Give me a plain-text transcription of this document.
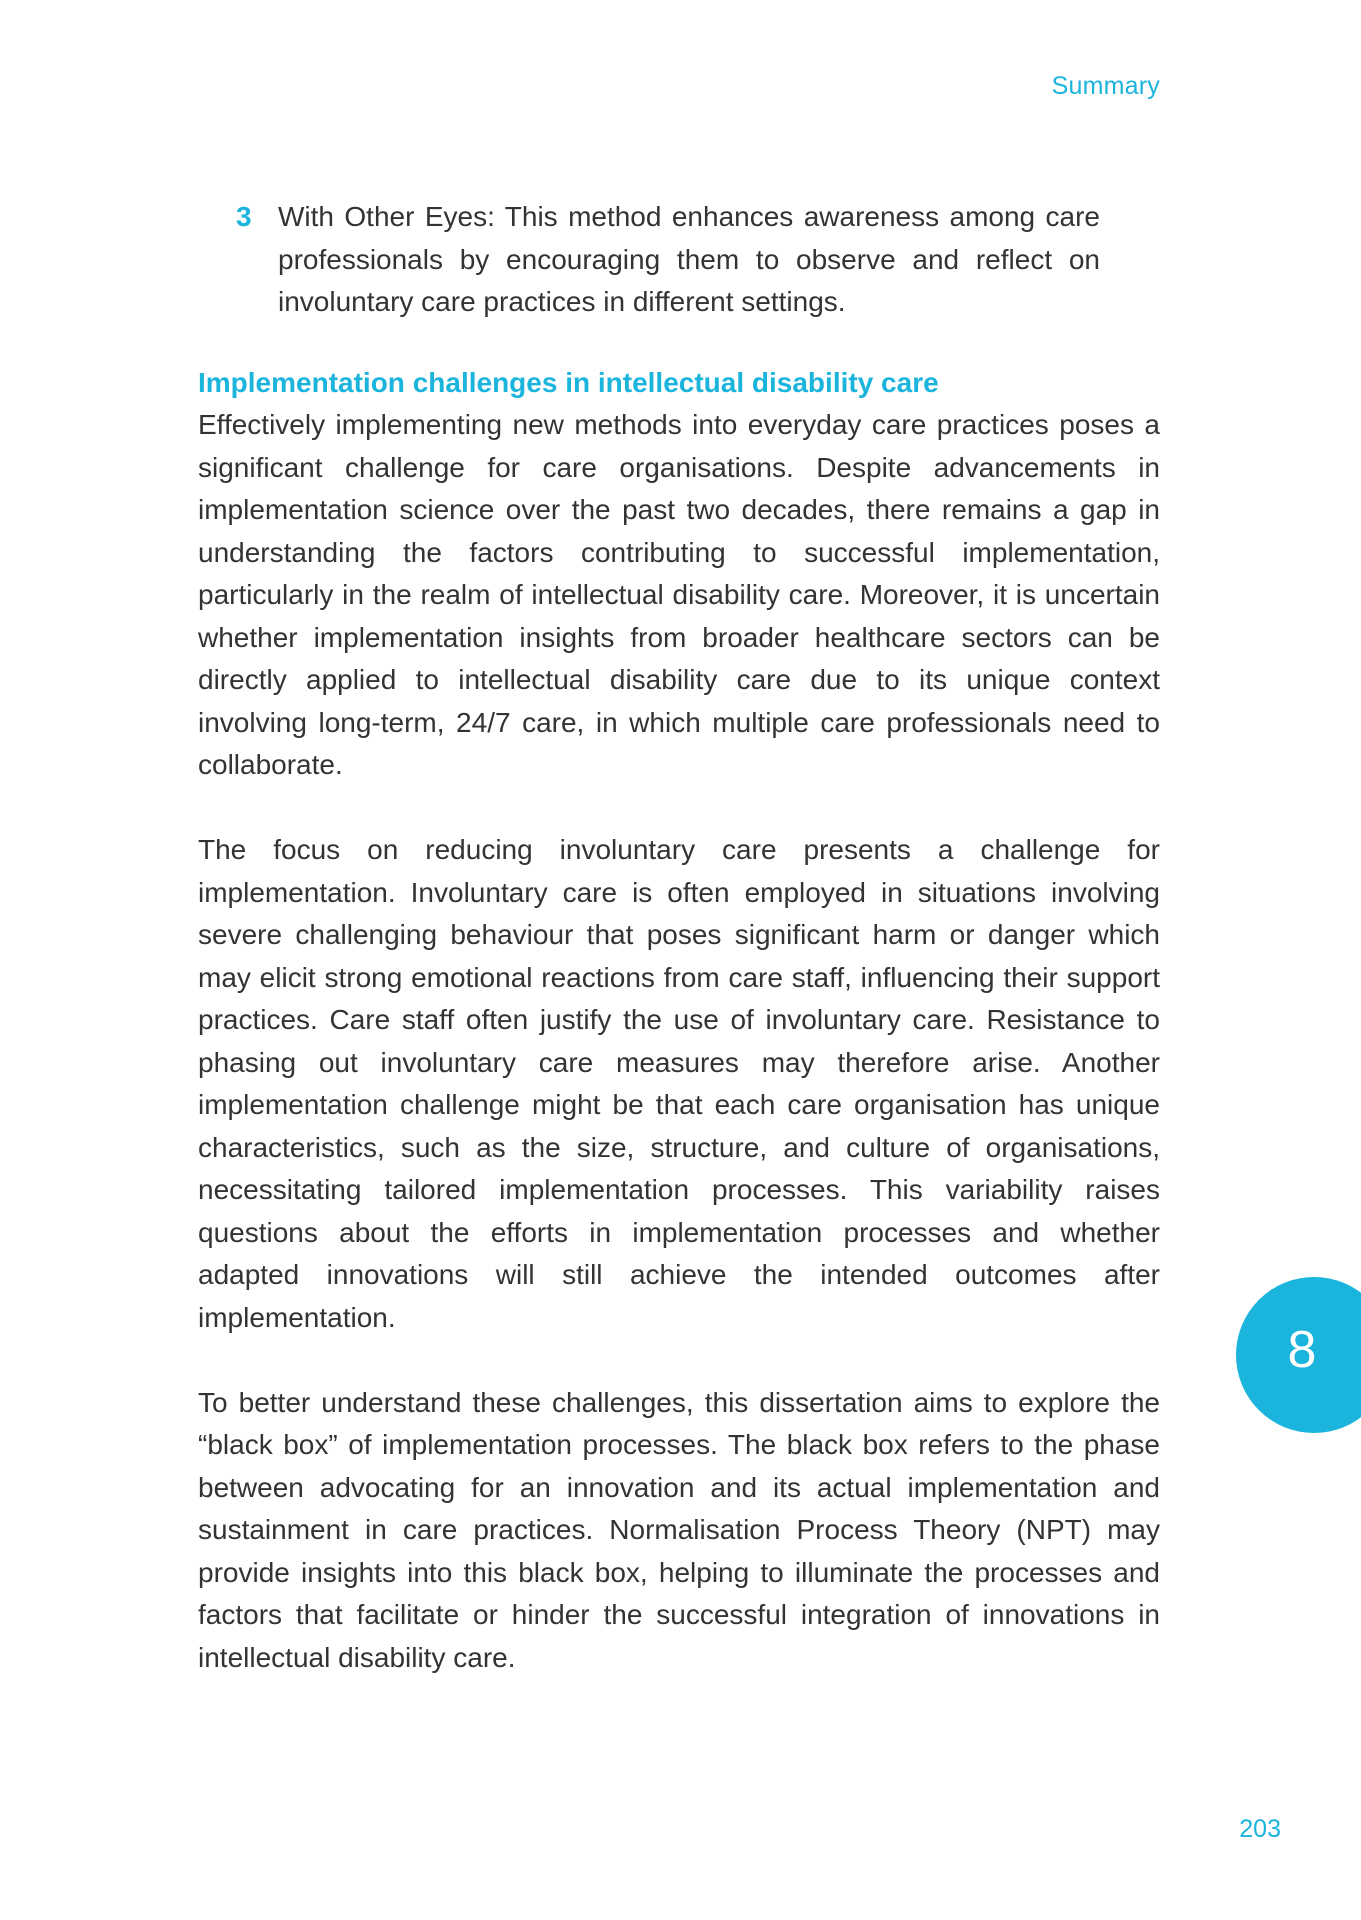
Summary
3 With Other Eyes: This method enhances awareness among care professionals by encouraging them to observe and reflect on involuntary care practices in different settings.
Implementation challenges in intellectual disability care

Effectively implementing new methods into everyday care practices poses a significant challenge for care organisations. Despite advancements in implementation science over the past two decades, there remains a gap in understanding the factors contributing to successful implementation, particularly in the realm of intellectual disability care. Moreover, it is uncertain whether implementation insights from broader healthcare sectors can be directly applied to intellectual disability care due to its unique context involving long-term, 24/7 care, in which multiple care professionals need to collaborate.

The focus on reducing involuntary care presents a challenge for implementation. Involuntary care is often employed in situations involving severe challenging behaviour that poses significant harm or danger which may elicit strong emotional reactions from care staff, influencing their support practices. Care staff often justify the use of involuntary care. Resistance to phasing out involuntary care measures may therefore arise. Another implementation challenge might be that each care organisation has unique characteristics, such as the size, structure, and culture of organisations, necessitating tailored implementation processes. This variability raises questions about the efforts in implementation processes and whether adapted innovations will still achieve the intended outcomes after implementation.

To better understand these challenges, this dissertation aims to explore the “black box” of implementation processes. The black box refers to the phase between advocating for an innovation and its actual implementation and sustainment in care practices. Normalisation Process Theory (NPT) may provide insights into this black box, helping to illuminate the processes and factors that facilitate or hinder the successful integration of innovations in intellectual disability care.

8
203
